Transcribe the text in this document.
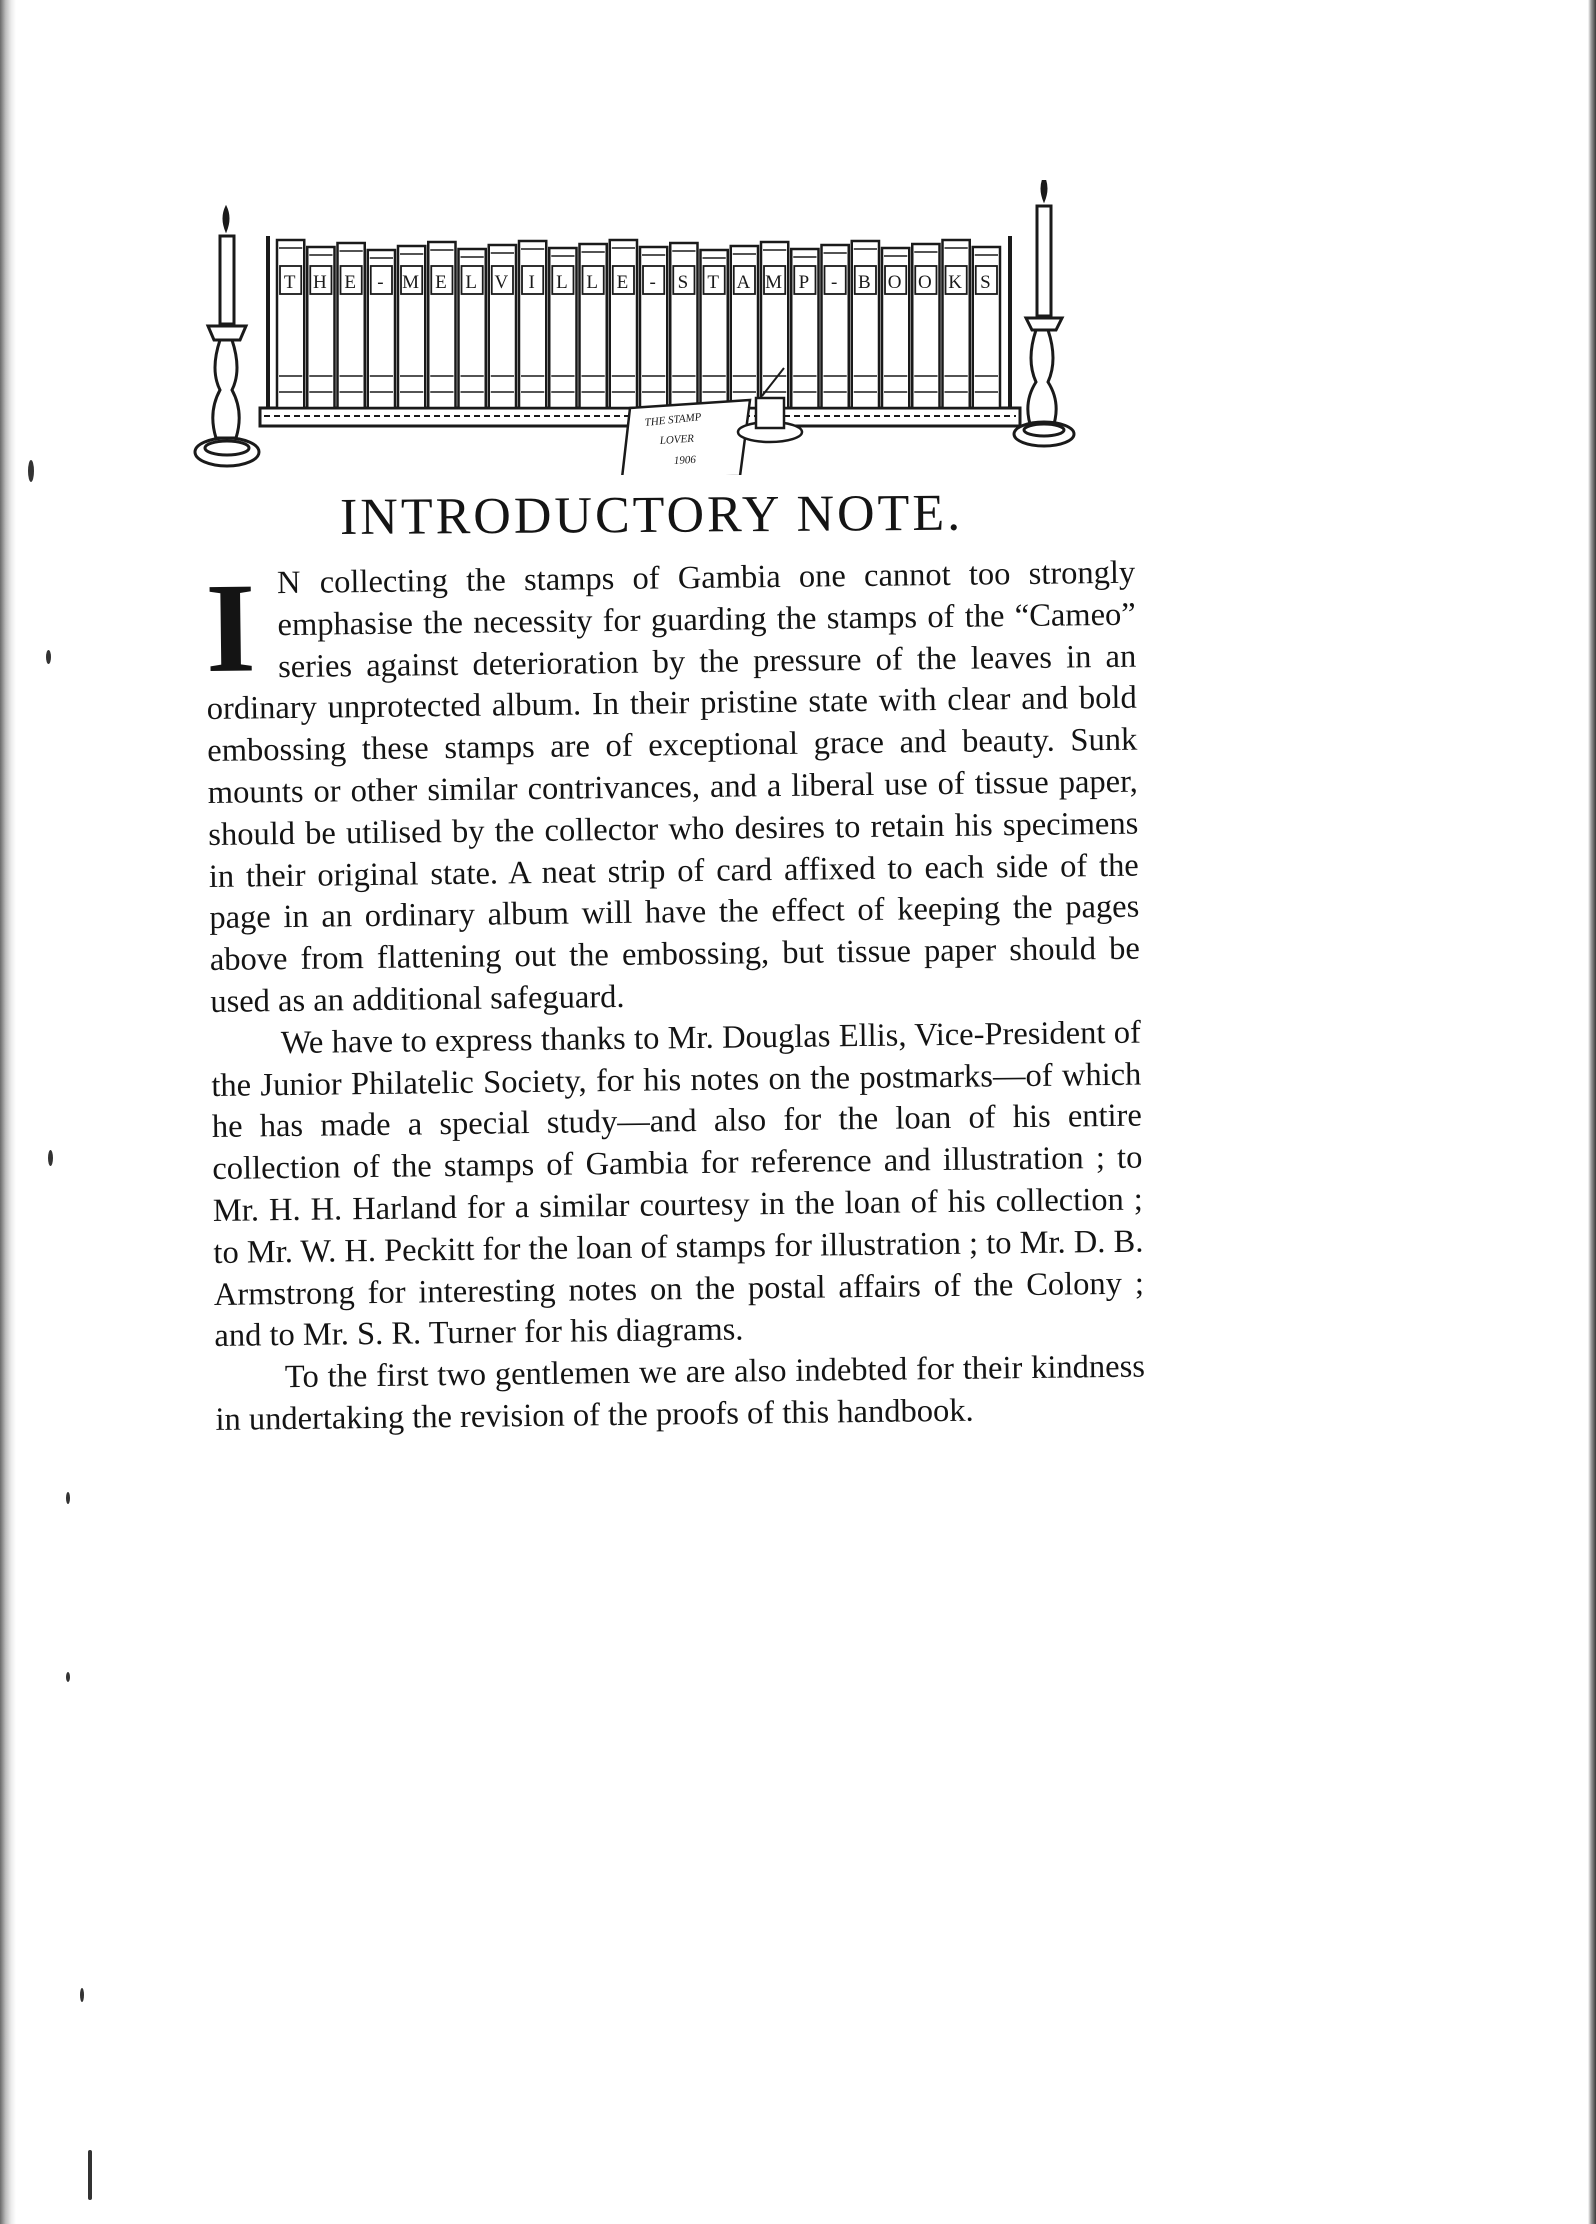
T H E - M E L V I L L E - S T A M P - B O O K S
THE STAMP
LOVER
1906
INTRODUCTORY NOTE.

I N collecting the stamps of Gambia one cannot too strongly emphasise the necessity for guarding the stamps of the “Cameo” series against deterioration by the pressure of the leaves in an ordinary unprotected album. In their pristine state with clear and bold embossing these stamps are of exceptional grace and beauty. Sunk mounts or other similar contrivances, and a liberal use of tissue paper, should be utilised by the collector who desires to retain his specimens in their original state. A neat strip of card affixed to each side of the page in an ordinary album will have the effect of keeping the pages above from flattening out the embossing, but tissue paper should be used as an additional safeguard.

We have to express thanks to Mr. Douglas Ellis, Vice-President of the Junior Philatelic Society, for his notes on the postmarks—of which he has made a special study—and also for the loan of his entire collection of the stamps of Gambia for reference and illustration ; to Mr. H. H. Harland for a similar courtesy in the loan of his collection ; to Mr. W. H. Peckitt for the loan of stamps for illustration ; to Mr. D. B. Armstrong for interesting notes on the postal affairs of the Colony ; and to Mr. S. R. Turner for his diagrams.

To the first two gentlemen we are also indebted for their kindness in undertaking the revision of the proofs of this handbook.
